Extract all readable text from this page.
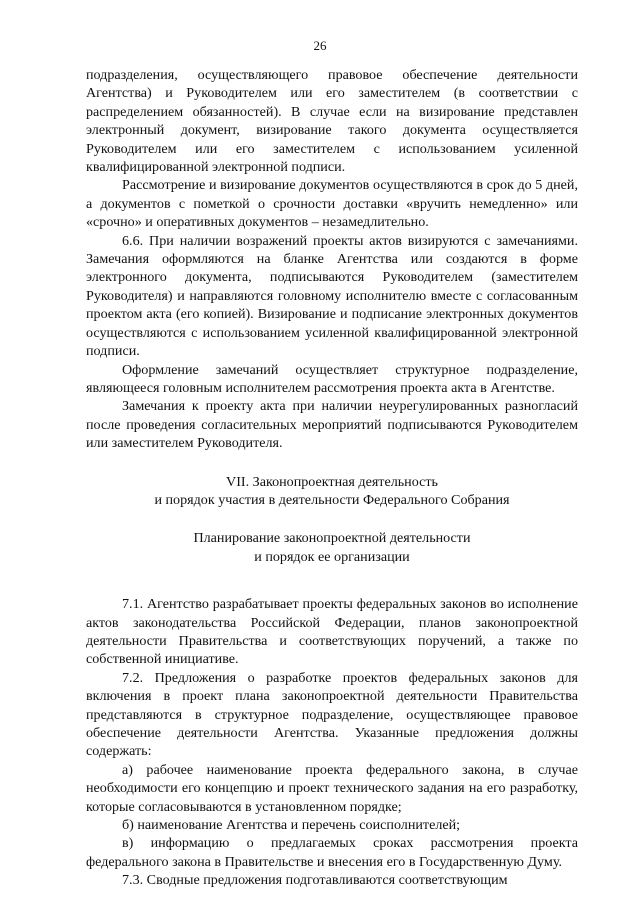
26

подразделения, осуществляющего правовое обеспечение деятельности Агентства) и Руководителем или его заместителем (в соответствии с распределением обязанностей). В случае если на визирование представлен электронный документ, визирование такого документа осуществляется Руководителем или его заместителем с использованием усиленной квалифицированной электронной подписи.

Рассмотрение и визирование документов осуществляются в срок до 5 дней, а документов с пометкой о срочности доставки «вручить немедленно» или «срочно» и оперативных документов – незамедлительно.

6.6. При наличии возражений проекты актов визируются с замечаниями. Замечания оформляются на бланке Агентства или создаются в форме электронного документа, подписываются Руководителем (заместителем Руководителя) и направляются головному исполнителю вместе с согласованным проектом акта (его копией). Визирование и подписание электронных документов осуществляются с использованием усиленной квалифицированной электронной подписи.

Оформление замечаний осуществляет структурное подразделение, являющееся головным исполнителем рассмотрения проекта акта в Агентстве.

Замечания к проекту акта при наличии неурегулированных разногласий после проведения согласительных мероприятий подписываются Руководителем или заместителем Руководителя.

VII. Законопроектная деятельность

и порядок участия в деятельности Федерального Собрания

Планирование законопроектной деятельности

и порядок ее организации

7.1. Агентство разрабатывает проекты федеральных законов во исполнение актов законодательства Российской Федерации, планов законопроектной деятельности Правительства и соответствующих поручений, а также по собственной инициативе.

7.2. Предложения о разработке проектов федеральных законов для включения в проект плана законопроектной деятельности Правительства представляются в структурное подразделение, осуществляющее правовое обеспечение деятельности Агентства. Указанные предложения должны содержать:

а) рабочее наименование проекта федерального закона, в случае необходимости его концепцию и проект технического задания на его разработку, которые согласовываются в установленном порядке;

б) наименование Агентства и перечень соисполнителей;

в) информацию о предлагаемых сроках рассмотрения проекта федерального закона в Правительстве и внесения его в Государственную Думу.

7.3. Сводные предложения подготавливаются соответствующим
